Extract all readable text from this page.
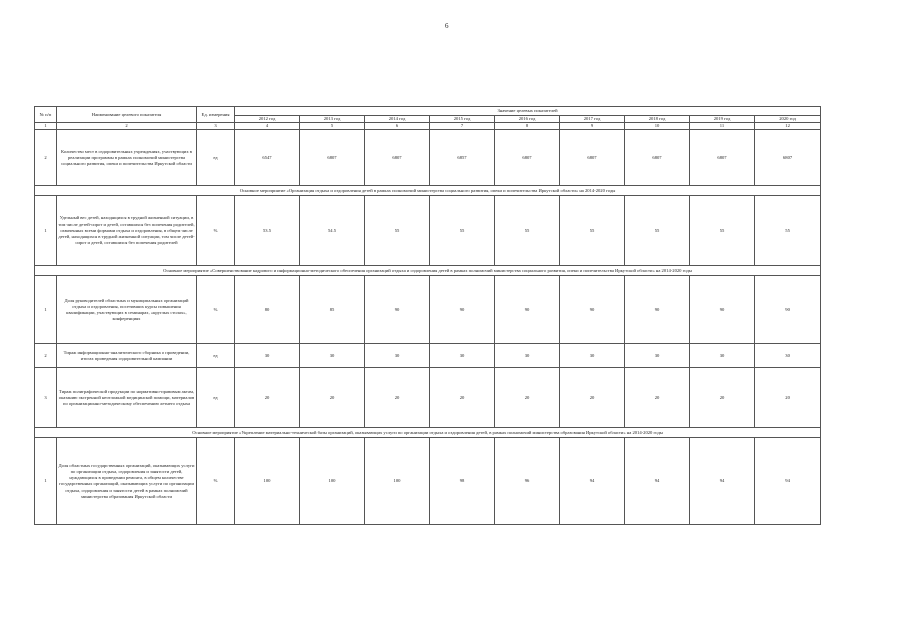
6
№ п/п	Наименование целевого показателя	Ед. измерения	Значение целевых показателей								
			2012 год	2013 год	2014 год	2015 год	2016 год	2017 год	2018 год	2019 год	2020 год
1	2	3	4	5	6	7	8	9	10	11	12
2	Количество мест в оздоровительных учреждениях, участвующих в реализации программы в рамках полномочий министерства социального развития, опеки и попечительства Иркутской области	ед	6547	6807	6807	6857	6807	6807	6807	6807	6807
Основное мероприятие «Организация отдыха и оздоровления детей в рамках полномочий министерства социального развития, опеки и попечительства Иркутской области» на 2014-2020 годы											
1	Удельный вес детей, находящихся в трудной жизненной ситуации, в том числе детей-сирот и детей, оставшихся без попечения родителей, охваченных всеми формами отдыха и оздоровления, в общем числе детей, находящихся в трудной жизненной ситуации, том числе детей-сирот и детей, оставшихся без попечения родителей	%	53.5	54.5	55	55	55	55	55	55	55
Основное мероприятие «Совершенствование кадрового и информационно-методического обеспечения организаций отдыха и оздоровления детей в рамках полномочий министерства социального развития, опеки и попечительства Иркутской области» на 2014-2020 годы											
1	Доля руководителей областных и муниципальных организаций отдыха и оздоровления, посетивших курсы повышения квалификации, участвующих в семинарах, «круглых столах», конференциях	%	80	85	90	90	90	90	90	90	90
2	Тираж информационно-аналитического сборника о проведении, итогах проведения оздоровительной кампании	ед	30	30	30	30	30	30	30	30	30
3	Тираж полиграфической продукции по нормативно-правовым актам, оказанию экстренной неотложной медицинской помощи, материалов по организационно-методическому обеспечению летнего отдыха	ед	20	20	20	20	20	20	20	20	20
Основное мероприятие «Укрепление материально-технической базы организаций, оказывающих услуги по организации отдыха и оздоровления детей, в рамках полномочий министерства образования Иркутской области» на 2014-2020 годы											
1	Доля областных государственных организаций, оказывающих услуги по организации отдыха, оздоровления и занятости детей, нуждающихся в проведении ремонта, в общем количестве государственных организаций, оказывающих услуги по организации отдыха, оздоровления и занятости детей в рамках полномочий министерства образования Иркутской области	%	100	100	100	98	96	94	94	94	94
